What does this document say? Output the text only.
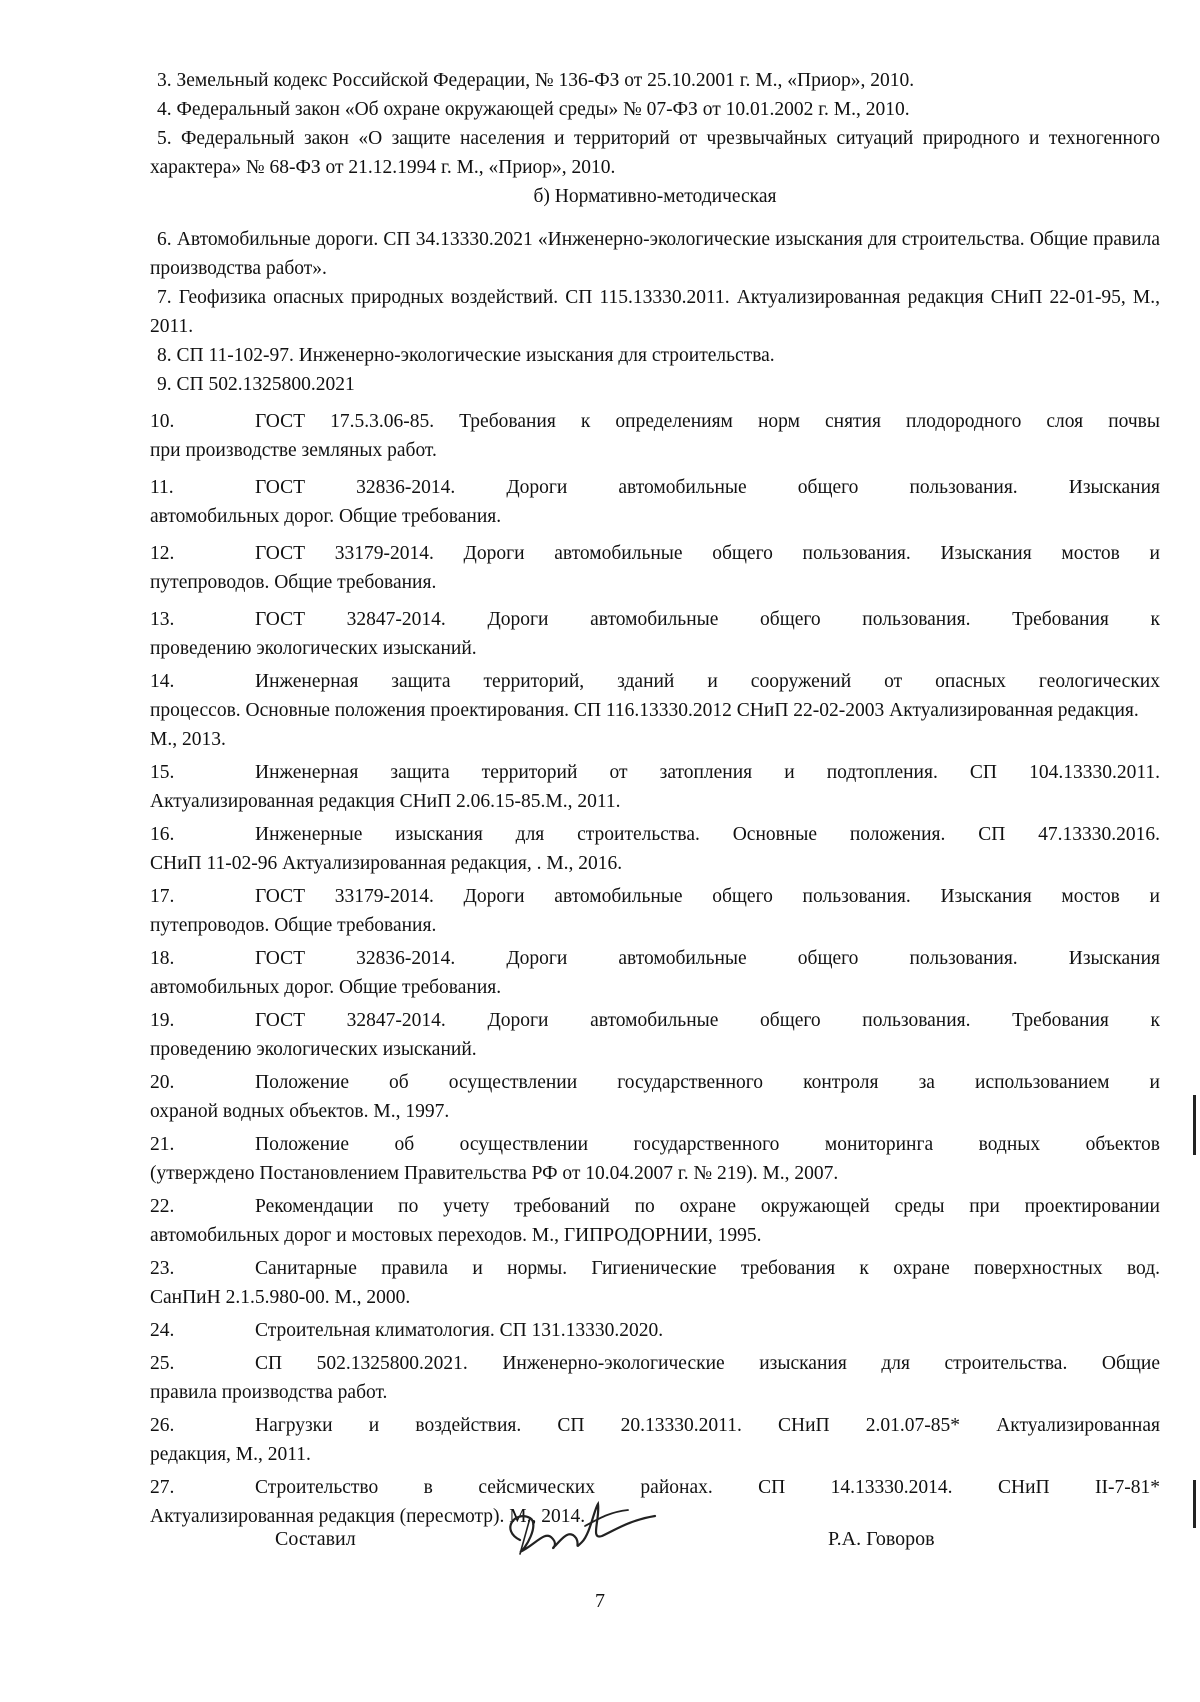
3. Земельный кодекс Российской Федерации, № 136-ФЗ от 25.10.2001 г. М., «Приор», 2010.

4. Федеральный закон «Об охране окружающей среды» № 07-ФЗ от 10.01.2002 г. М., 2010.

5. Федеральный закон «О защите населения и территорий от чрезвычайных ситуаций природного и техногенного характера» № 68-ФЗ от 21.12.1994 г. М., «Приор», 2010.

б) Нормативно-методическая

6. Автомобильные дороги. СП 34.13330.2021 «Инженерно-экологические изыскания для строительства. Общие правила производства работ».

7. Геофизика опасных природных воздействий. СП 115.13330.2011. Актуализированная редакция СНиП 22-01-95, М., 2011.

8. СП 11-102-97. Инженерно-экологические изыскания для строительства.

9. СП 502.1325800.2021

10.	ГОСТ 17.5.3.06-85. Требования к определениям норм снятия плодородного слоя почвы
при производстве земляных работ.
11.	ГОСТ 32836-2014. Дороги автомобильные общего пользования. Изыскания
автомобильных дорог. Общие требования.
12.	ГОСТ 33179-2014. Дороги автомобильные общего пользования. Изыскания мостов и
путепроводов. Общие требования.
13.	ГОСТ 32847-2014. Дороги автомобильные общего пользования. Требования к
проведению экологических изысканий.
14.	Инженерная защита территорий, зданий и сооружений от опасных геологических
процессов. Основные положения проектирования. СП 116.13330.2012 СНиП 22-02-2003 Актуализированная редакция. М., 2013.
15.	Инженерная защита территорий от затопления и подтопления. СП 104.13330.2011.
Актуализированная редакция СНиП 2.06.15-85.М., 2011.
16.	Инженерные изыскания для строительства. Основные положения. СП 47.13330.2016.
СНиП 11-02-96 Актуализированная редакция, . М., 2016.
17.	ГОСТ 33179-2014. Дороги автомобильные общего пользования. Изыскания мостов и
путепроводов. Общие требования.
18.	ГОСТ 32836-2014. Дороги автомобильные общего пользования. Изыскания
автомобильных дорог. Общие требования.
19.	ГОСТ 32847-2014. Дороги автомобильные общего пользования. Требования к
проведению экологических изысканий.
20.	Положение об осуществлении государственного контроля за использованием и
охраной водных объектов. М., 1997.
21.	Положение об осуществлении государственного мониторинга водных объектов
(утверждено Постановлением Правительства РФ от 10.04.2007 г. № 219). М., 2007.
22.	Рекомендации по учету требований по охране окружающей среды при проектировании
автомобильных дорог и мостовых переходов. М., ГИПРОДОРНИИ, 1995.
23.	Санитарные правила и нормы. Гигиенические требования к охране поверхностных вод.
СанПиН 2.1.5.980-00. М., 2000.
24.	Строительная климатология. СП 131.13330.2020.
25.	СП 502.1325800.2021. Инженерно-экологические изыскания для строительства. Общие
правила производства работ.
26.	Нагрузки и воздействия. СП 20.13330.2011. СНиП 2.01.07-85* Актуализированная
редакция, М., 2011.
27.	Строительство в сейсмических районах. СП 14.13330.2014. СНиП II-7-81*
Актуализированная редакция (пересмотр). М., 2014.
Составил	Р.А. Говоров
7
